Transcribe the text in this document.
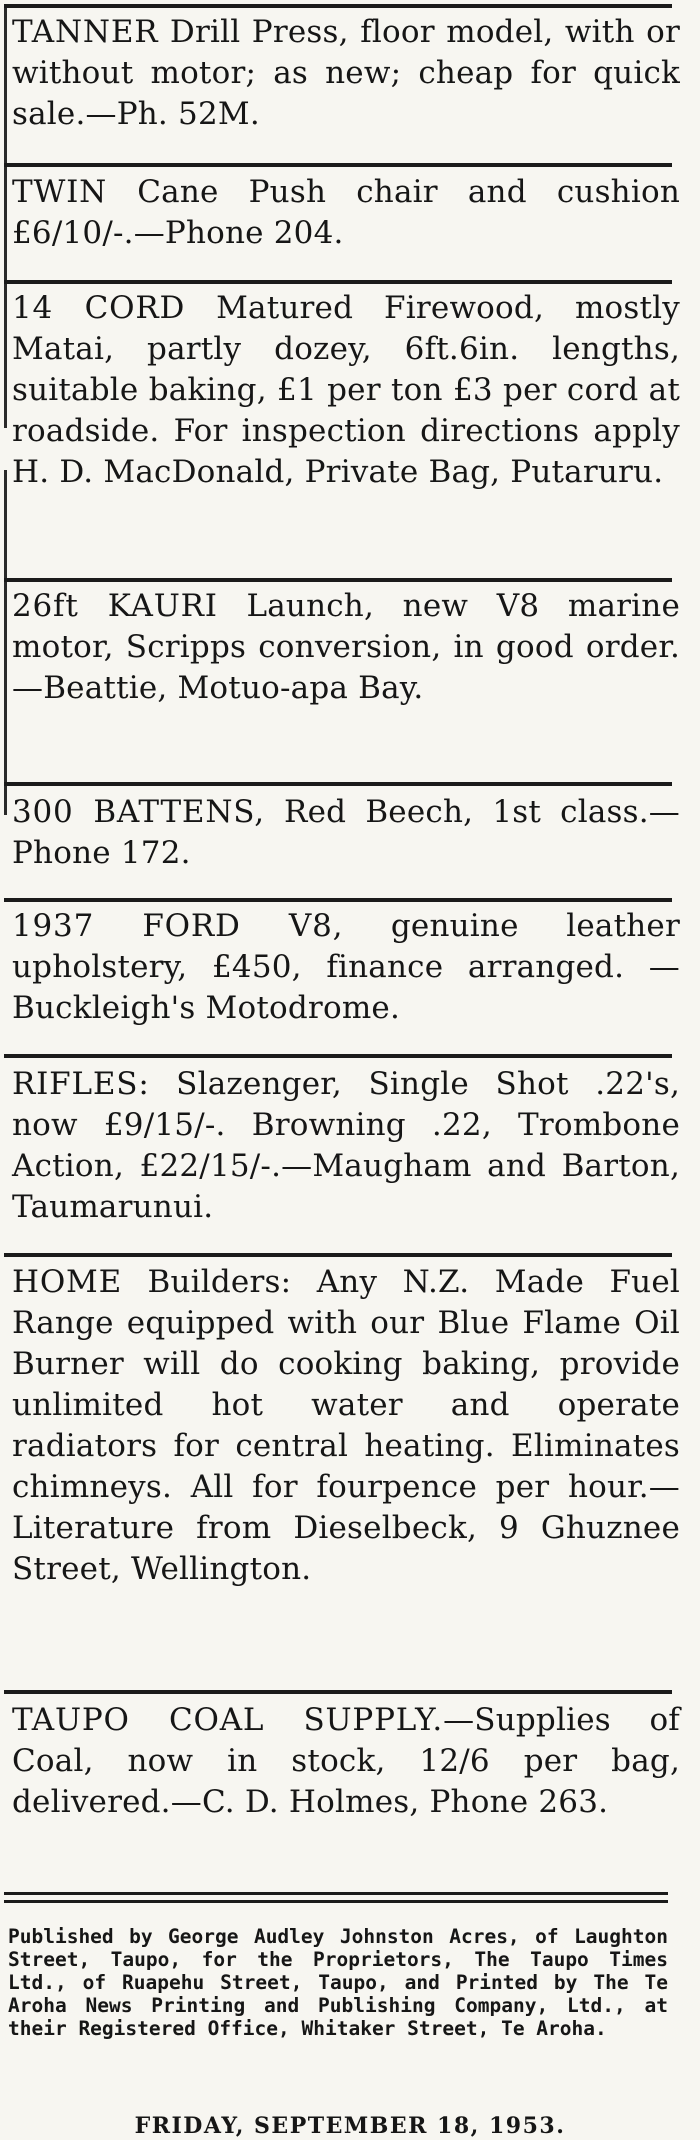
TANNER Drill Press, floor model, with or without motor; as new; cheap for quick sale.—Ph. 52M.

TWIN Cane Push chair and cushion £6/10/-.—Phone 204.

14 CORD Matured Firewood, mostly Matai, partly dozey, 6ft.6in. lengths, suitable baking, £1 per ton £3 per cord at roadside. For inspection directions apply H. D. MacDonald, Private Bag, Putaruru.

26ft KAURI Launch, new V8 marine motor, Scripps conversion, in good order.—Beattie, Motuo-apa Bay.

300 BATTENS, Red Beech, 1st class.—Phone 172.

1937 FORD V8, genuine leather upholstery, £450, finance arranged. —Buckleigh's Motodrome.

RIFLES: Slazenger, Single Shot .22's, now £9/15/-. Browning .22, Trombone Action, £22/15/-.—Maugham and Barton, Taumarunui.

HOME Builders: Any N.Z. Made Fuel Range equipped with our Blue Flame Oil Burner will do cooking baking, provide unlimited hot water and operate radiators for central heating. Eliminates chimneys. All for fourpence per hour.—Literature from Dieselbeck, 9 Ghuznee Street, Wellington.

TAUPO COAL SUPPLY.—Supplies of Coal, now in stock, 12/6 per bag, delivered.—C. D. Holmes, Phone 263.

Published by George Audley Johnston Acres, of Laughton Street, Taupo, for the Proprietors, The Taupo Times Ltd., of Ruapehu Street, Taupo, and Printed by The Te Aroha News Printing and Publishing Company, Ltd., at their Registered Office, Whitaker Street, Te Aroha.

FRIDAY, SEPTEMBER 18, 1953.
